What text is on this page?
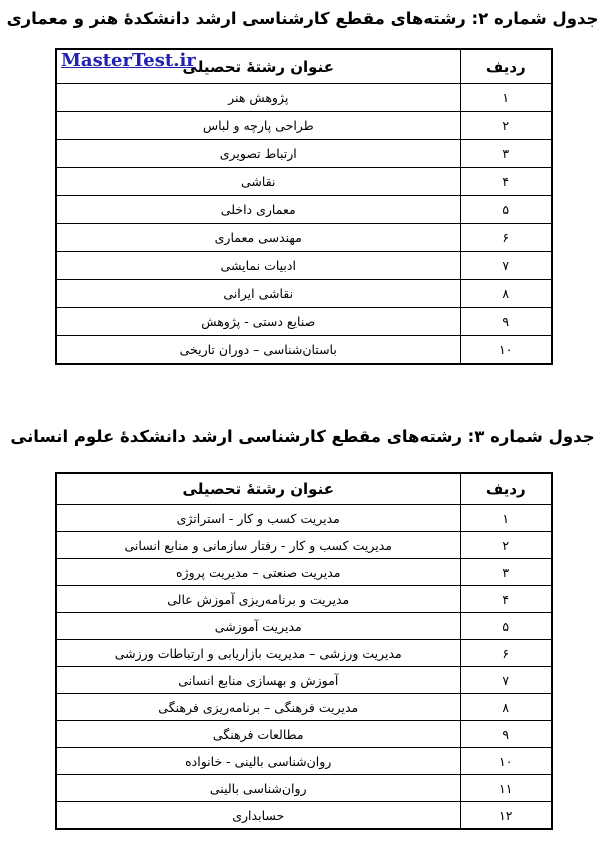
جدول شماره ۲: رشته‌های مقطع کارشناسی ارشد دانشکدهٔ هنر و معماری
MasterTest.ir	ردیف	عنوان رشتهٔ تحصیلی
۱	پژوهش هنر
۲	طراحی پارچه و لباس
۳	ارتباط تصویری
۴	نقاشی
۵	معماری داخلی
۶	مهندسی معماری
۷	ادبیات نمایشی
۸	نقاشی ایرانی
۹	صنایع دستی - پژوهش
۱۰	باستان‌شناسی – دوران تاریخی
جدول شماره ۳: رشته‌های مقطع کارشناسی ارشد دانشکدهٔ علوم انسانی
ردیف	عنوان رشتهٔ تحصیلی
۱	مدیریت کسب و کار - استراتژی
۲	مدیریت کسب و کار - رفتار سازمانی و منابع انسانی
۳	مدیریت صنعتی – مدیریت پروژه
۴	مدیریت و برنامه‌ریزی آموزش عالی
۵	مدیریت آموزشی
۶	مدیریت ورزشی – مدیریت بازاریابی و ارتباطات ورزشی
۷	آموزش و بهسازی منابع انسانی
۸	مدیریت فرهنگی – برنامه‌ریزی فرهنگی
۹	مطالعات فرهنگی
۱۰	روان‌شناسی بالینی - خانواده
۱۱	روان‌شناسی بالینی
۱۲	حسابداری
